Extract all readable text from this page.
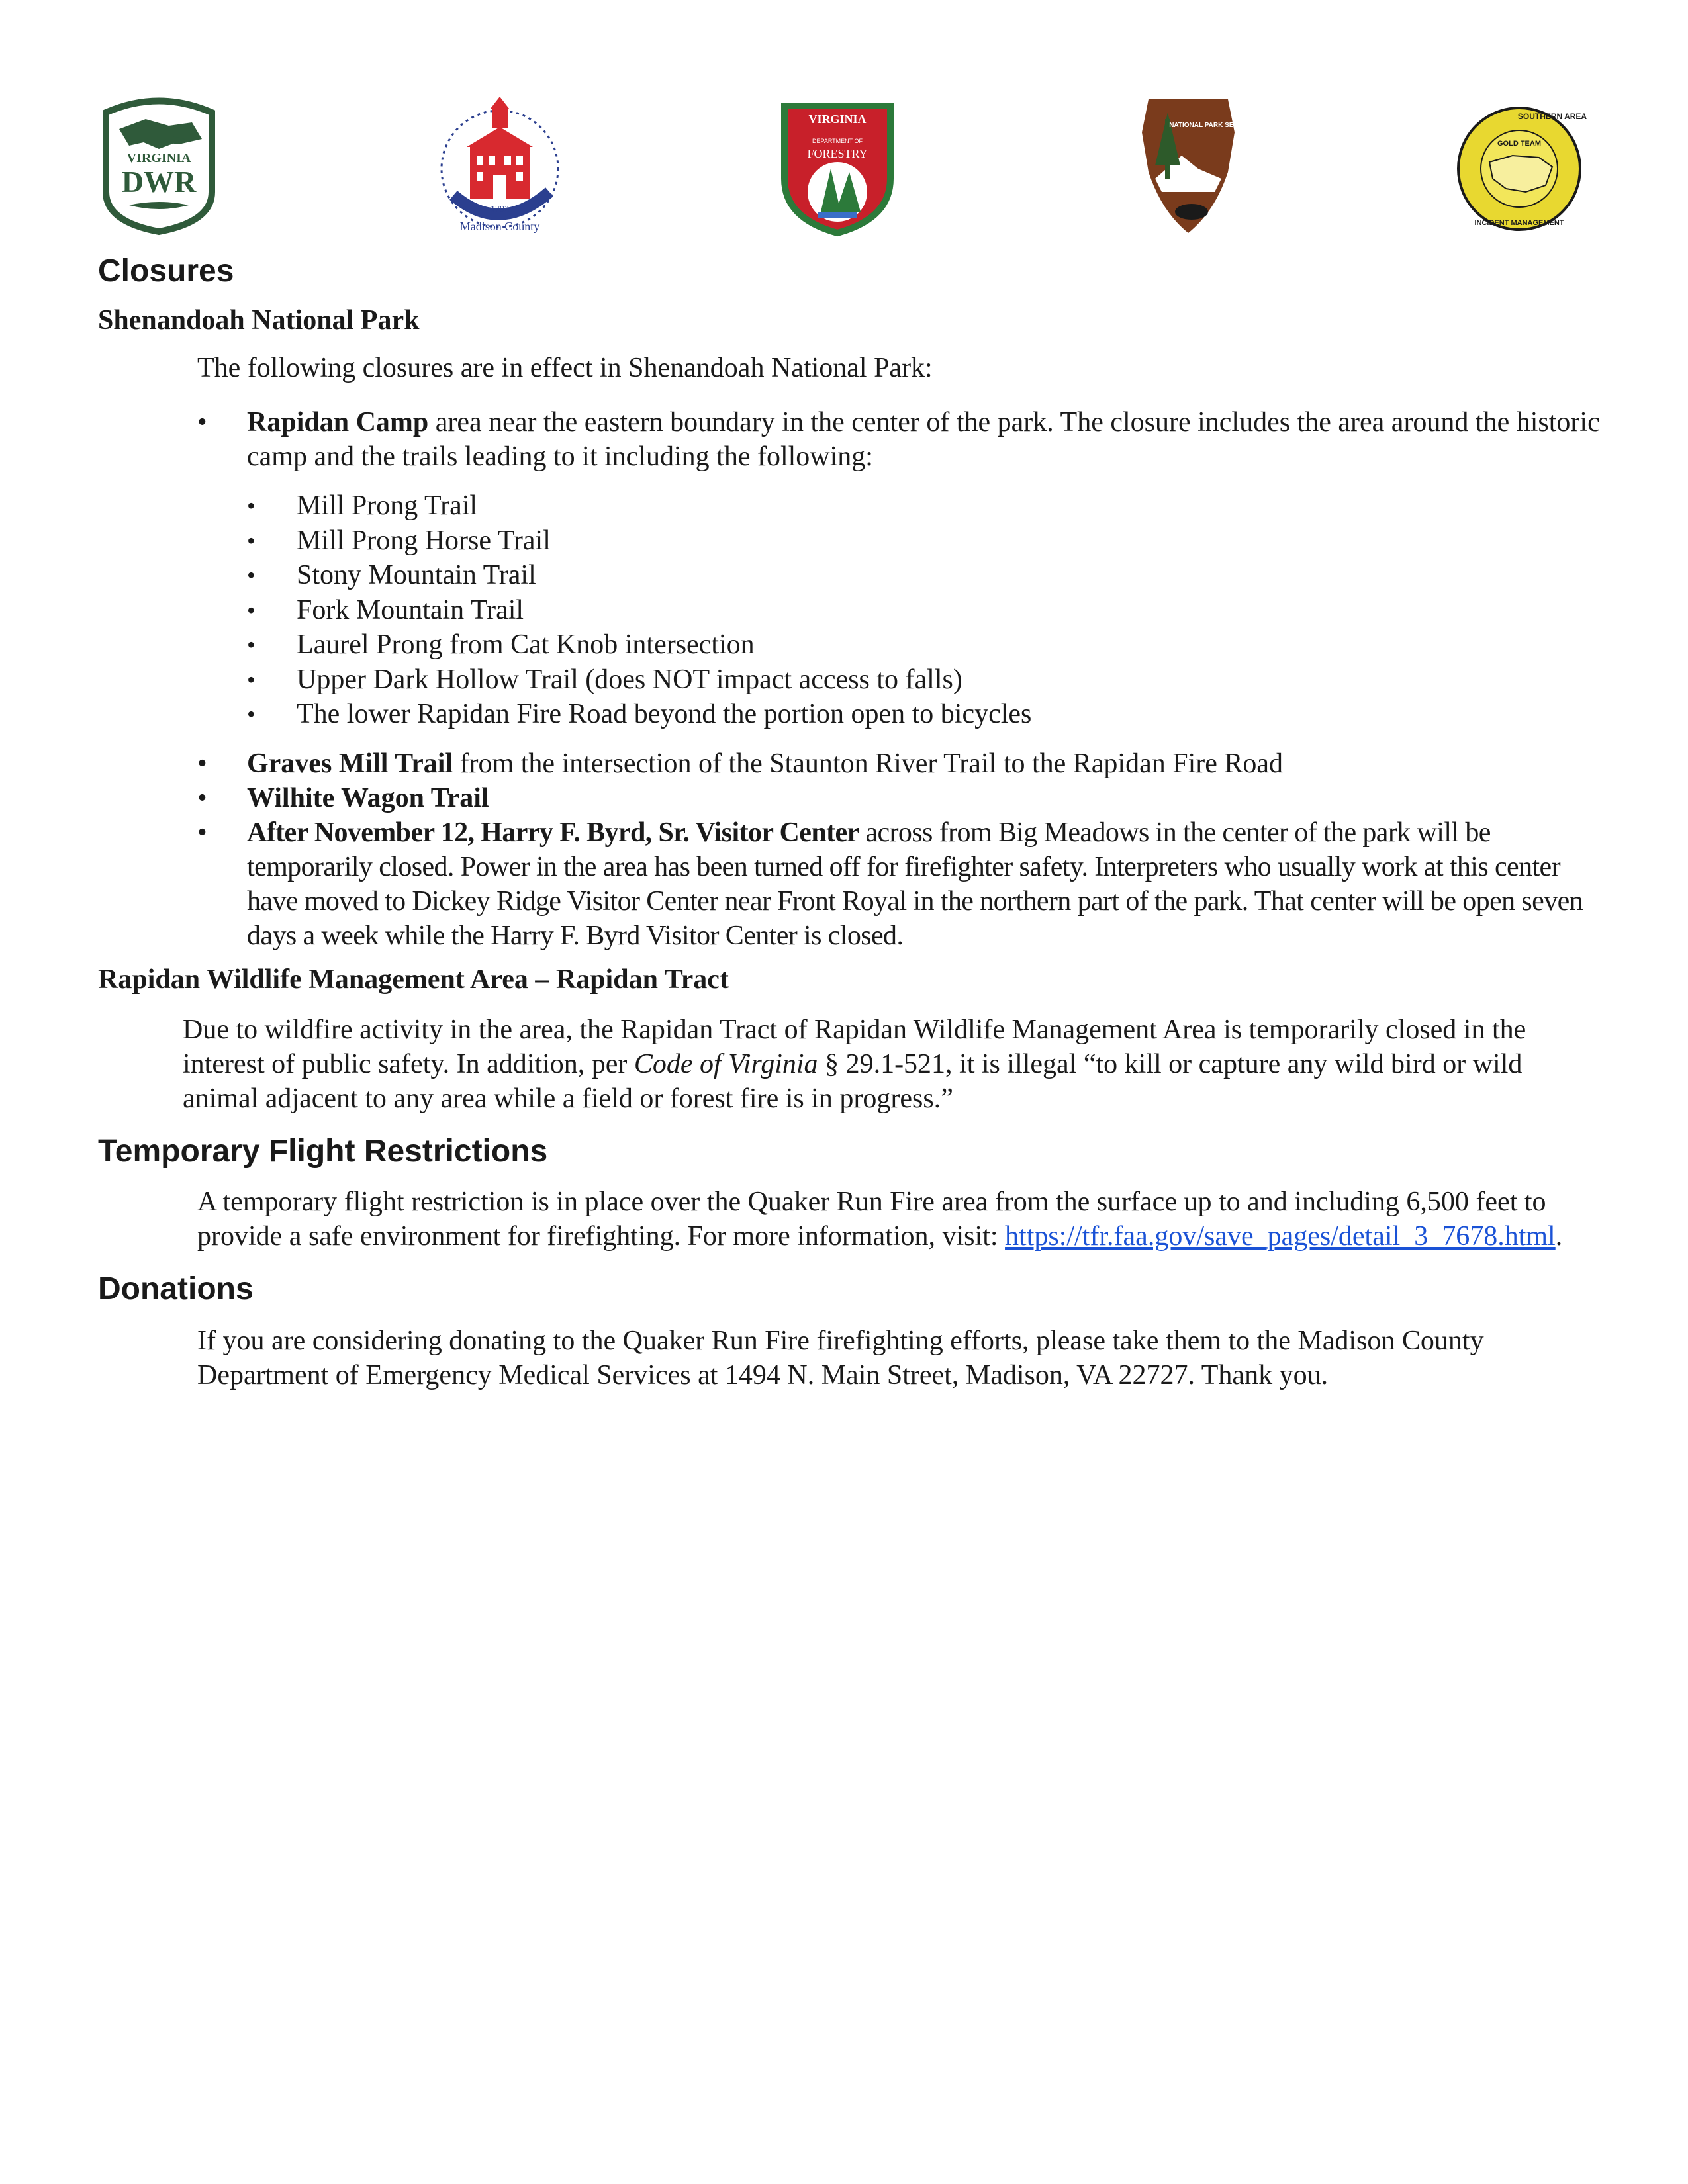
VIRGINIA
DWR
1792
Madison County
VIRGINIA
DEPARTMENT OF
FORESTRY
NATIONAL PARK SERVICE
SOUTHERN AREA
GOLD TEAM
INCIDENT MANAGEMENT
Closures
Shenandoah National Park

The following closures are in effect in Shenandoah National Park:

• Rapidan Camp area near the eastern boundary in the center of the park. The closure includes the area around the historic camp and the trails leading to it including the following:
• Mill Prong Trail
• Mill Prong Horse Trail
• Stony Mountain Trail
• Fork Mountain Trail
• Laurel Prong from Cat Knob intersection
• Upper Dark Hollow Trail (does NOT impact access to falls)
• The lower Rapidan Fire Road beyond the portion open to bicycles
• Graves Mill Trail from the intersection of the Staunton River Trail to the Rapidan Fire Road
• Wilhite Wagon Trail
• After November 12, Harry F. Byrd, Sr. Visitor Center across from Big Meadows in the center of the park will be temporarily closed. Power in the area has been turned off for firefighter safety. Interpreters who usually work at this center have moved to Dickey Ridge Visitor Center near Front Royal in the northern part of the park. That center will be open seven days a week while the Harry F. Byrd Visitor Center is closed.
Rapidan Wildlife Management Area – Rapidan Tract

Due to wildfire activity in the area, the Rapidan Tract of Rapidan Wildlife Management Area is temporarily closed in the interest of public safety. In addition, per Code of Virginia § 29.1-521, it is illegal “to kill or capture any wild bird or wild animal adjacent to any area while a field or forest fire is in progress.”

Temporary Flight Restrictions

A temporary flight restriction is in place over the Quaker Run Fire area from the surface up to and including 6,500 feet to provide a safe environment for firefighting. For more information, visit: https://tfr.faa.gov/save_pages/detail_3_7678.html.

Donations

If you are considering donating to the Quaker Run Fire firefighting efforts, please take them to the Madison County Department of Emergency Medical Services at 1494 N. Main Street, Madison, VA 22727. Thank you.
